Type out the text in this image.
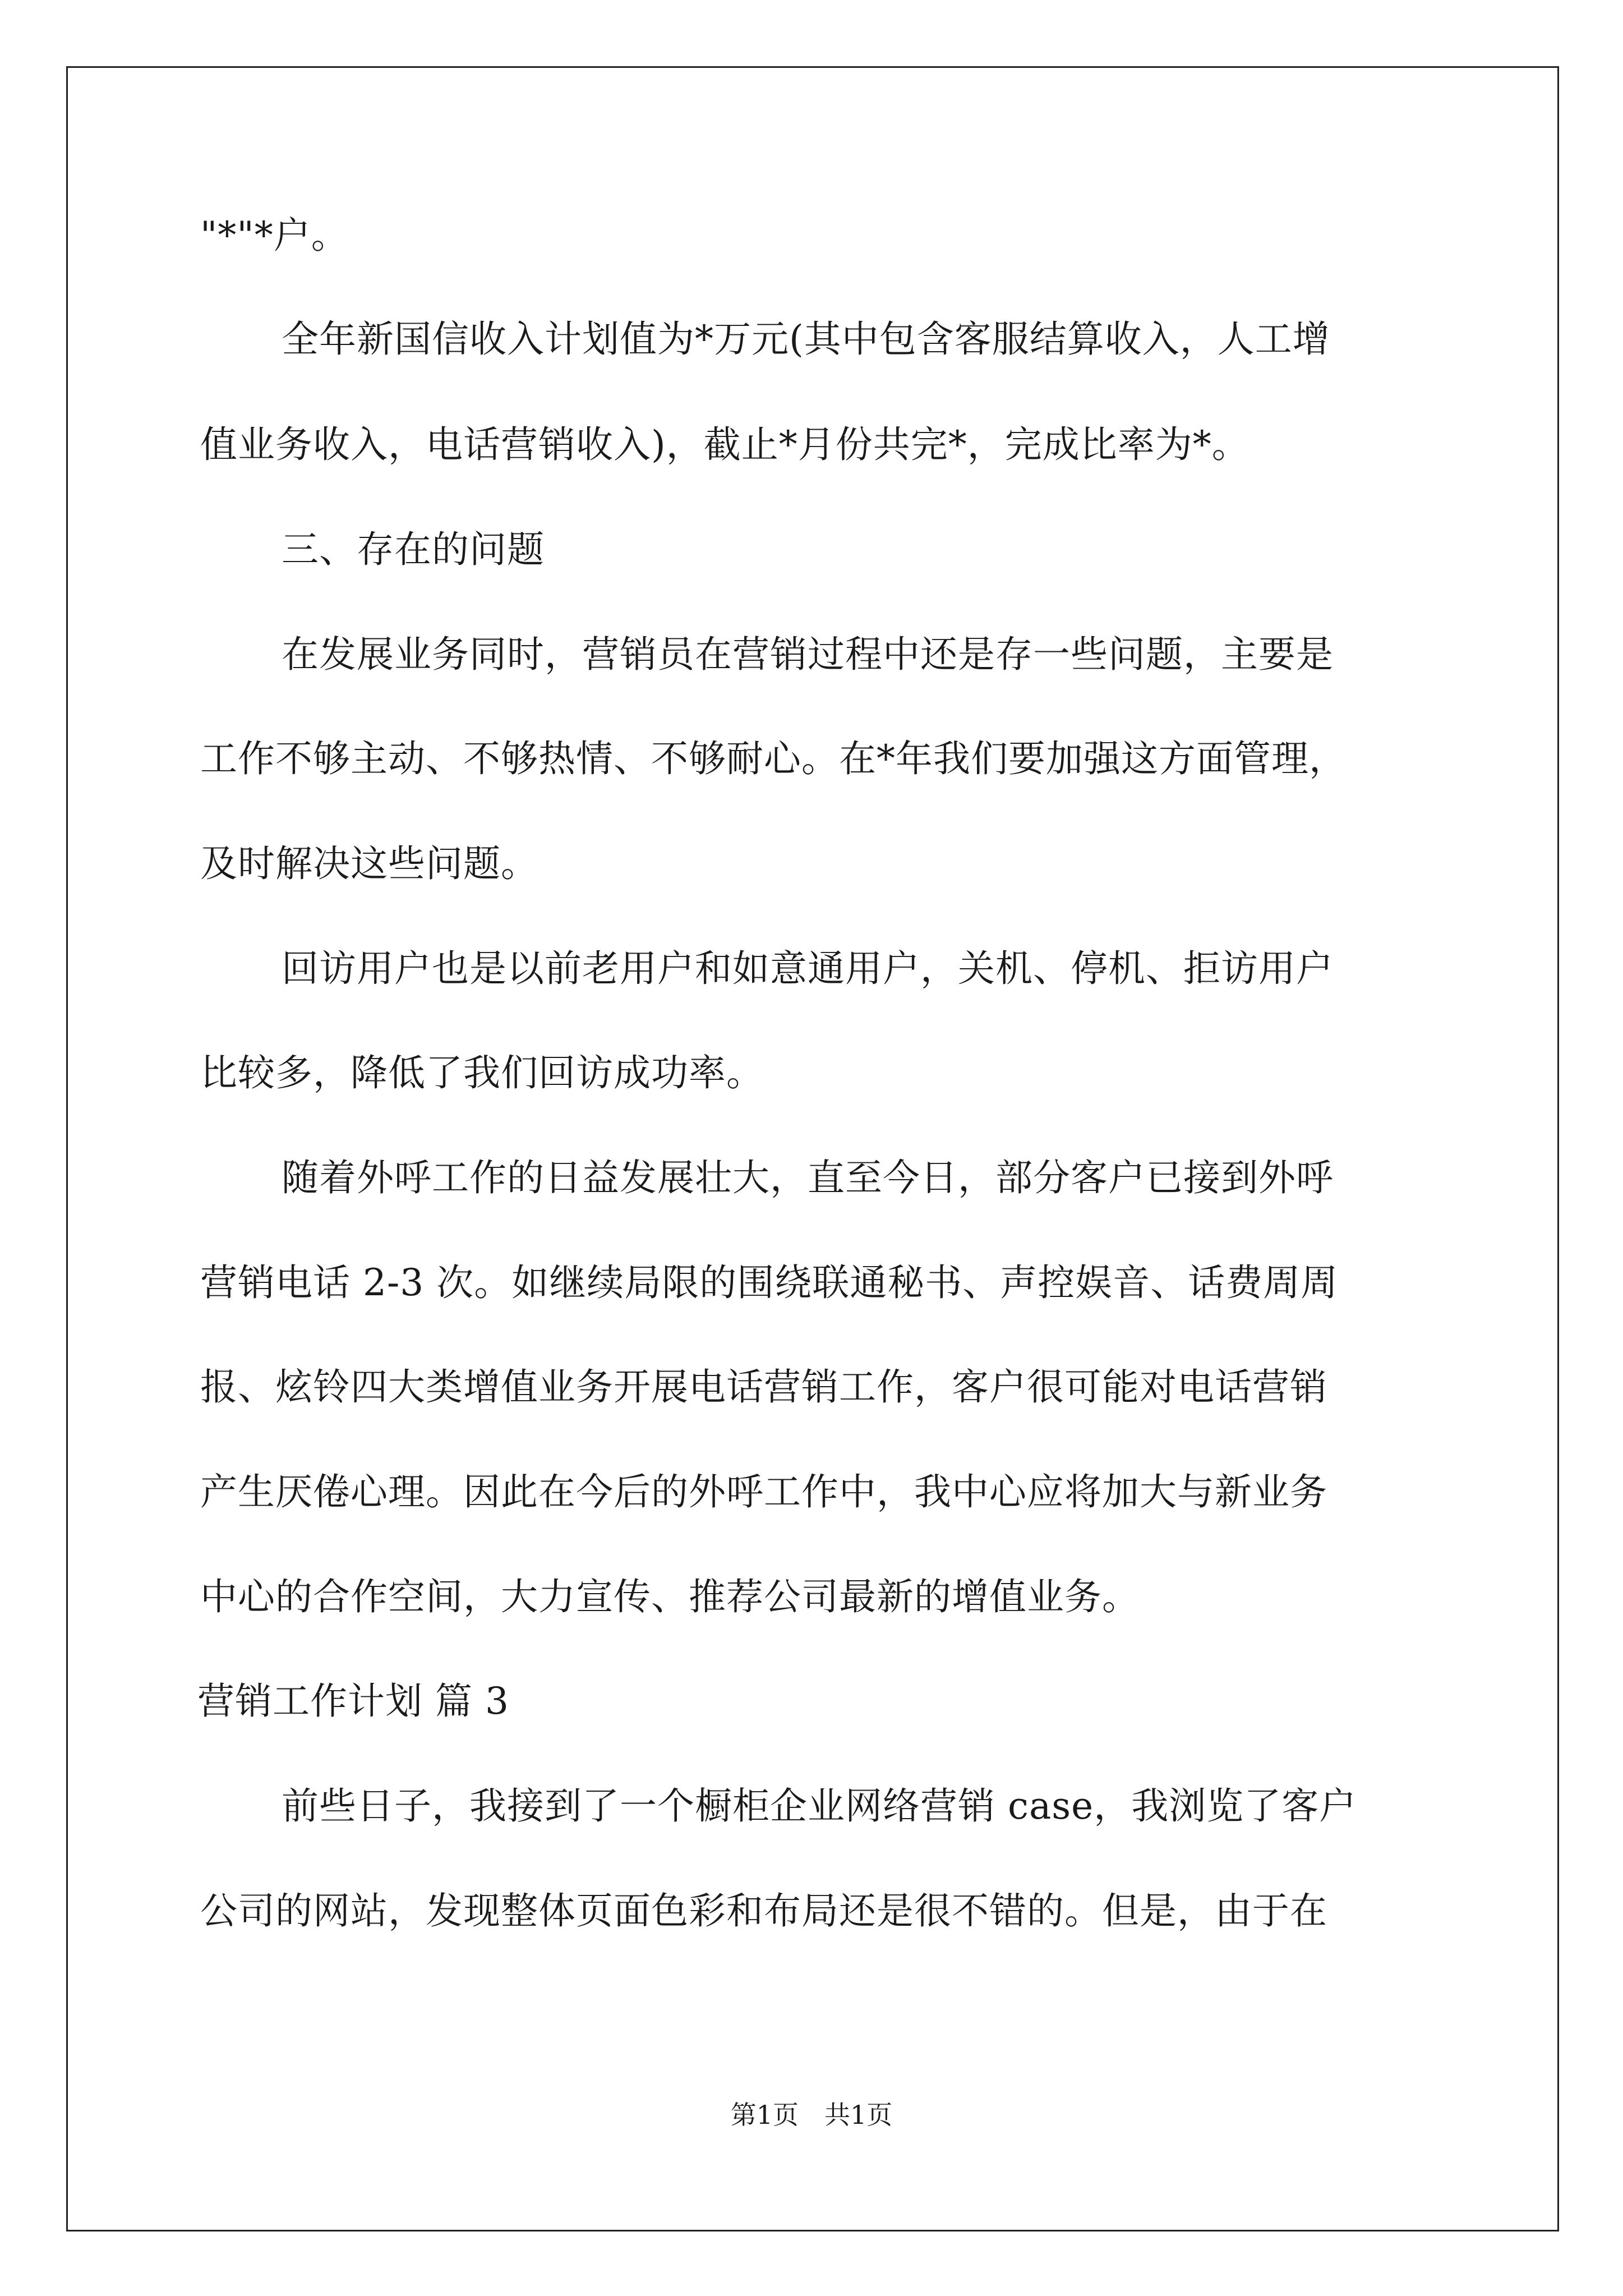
"*"*户。
全年新国信收入计划值为*万元(其中包含客服结算收入，人工增
值业务收入，电话营销收入)，截止*月份共完*，完成比率为*。
三、存在的问题
在发展业务同时，营销员在营销过程中还是存一些问题，主要是
工作不够主动、不够热情、不够耐心。在*年我们要加强这方面管理，
及时解决这些问题。
回访用户也是以前老用户和如意通用户，关机、停机、拒访用户
比较多，降低了我们回访成功率。
随着外呼工作的日益发展壮大，直至今日，部分客户已接到外呼
营销电话 2-3 次。如继续局限的围绕联通秘书、声控娱音、话费周周
报、炫铃四大类增值业务开展电话营销工作，客户很可能对电话营销
产生厌倦心理。因此在今后的外呼工作中，我中心应将加大与新业务
中心的合作空间，大力宣传、推荐公司最新的增值业务。
营销工作计划 篇 3
前些日子，我接到了一个橱柜企业网络营销 case，我浏览了客户
公司的网站，发现整体页面色彩和布局还是很不错的。但是，由于在
第1页　共1页
